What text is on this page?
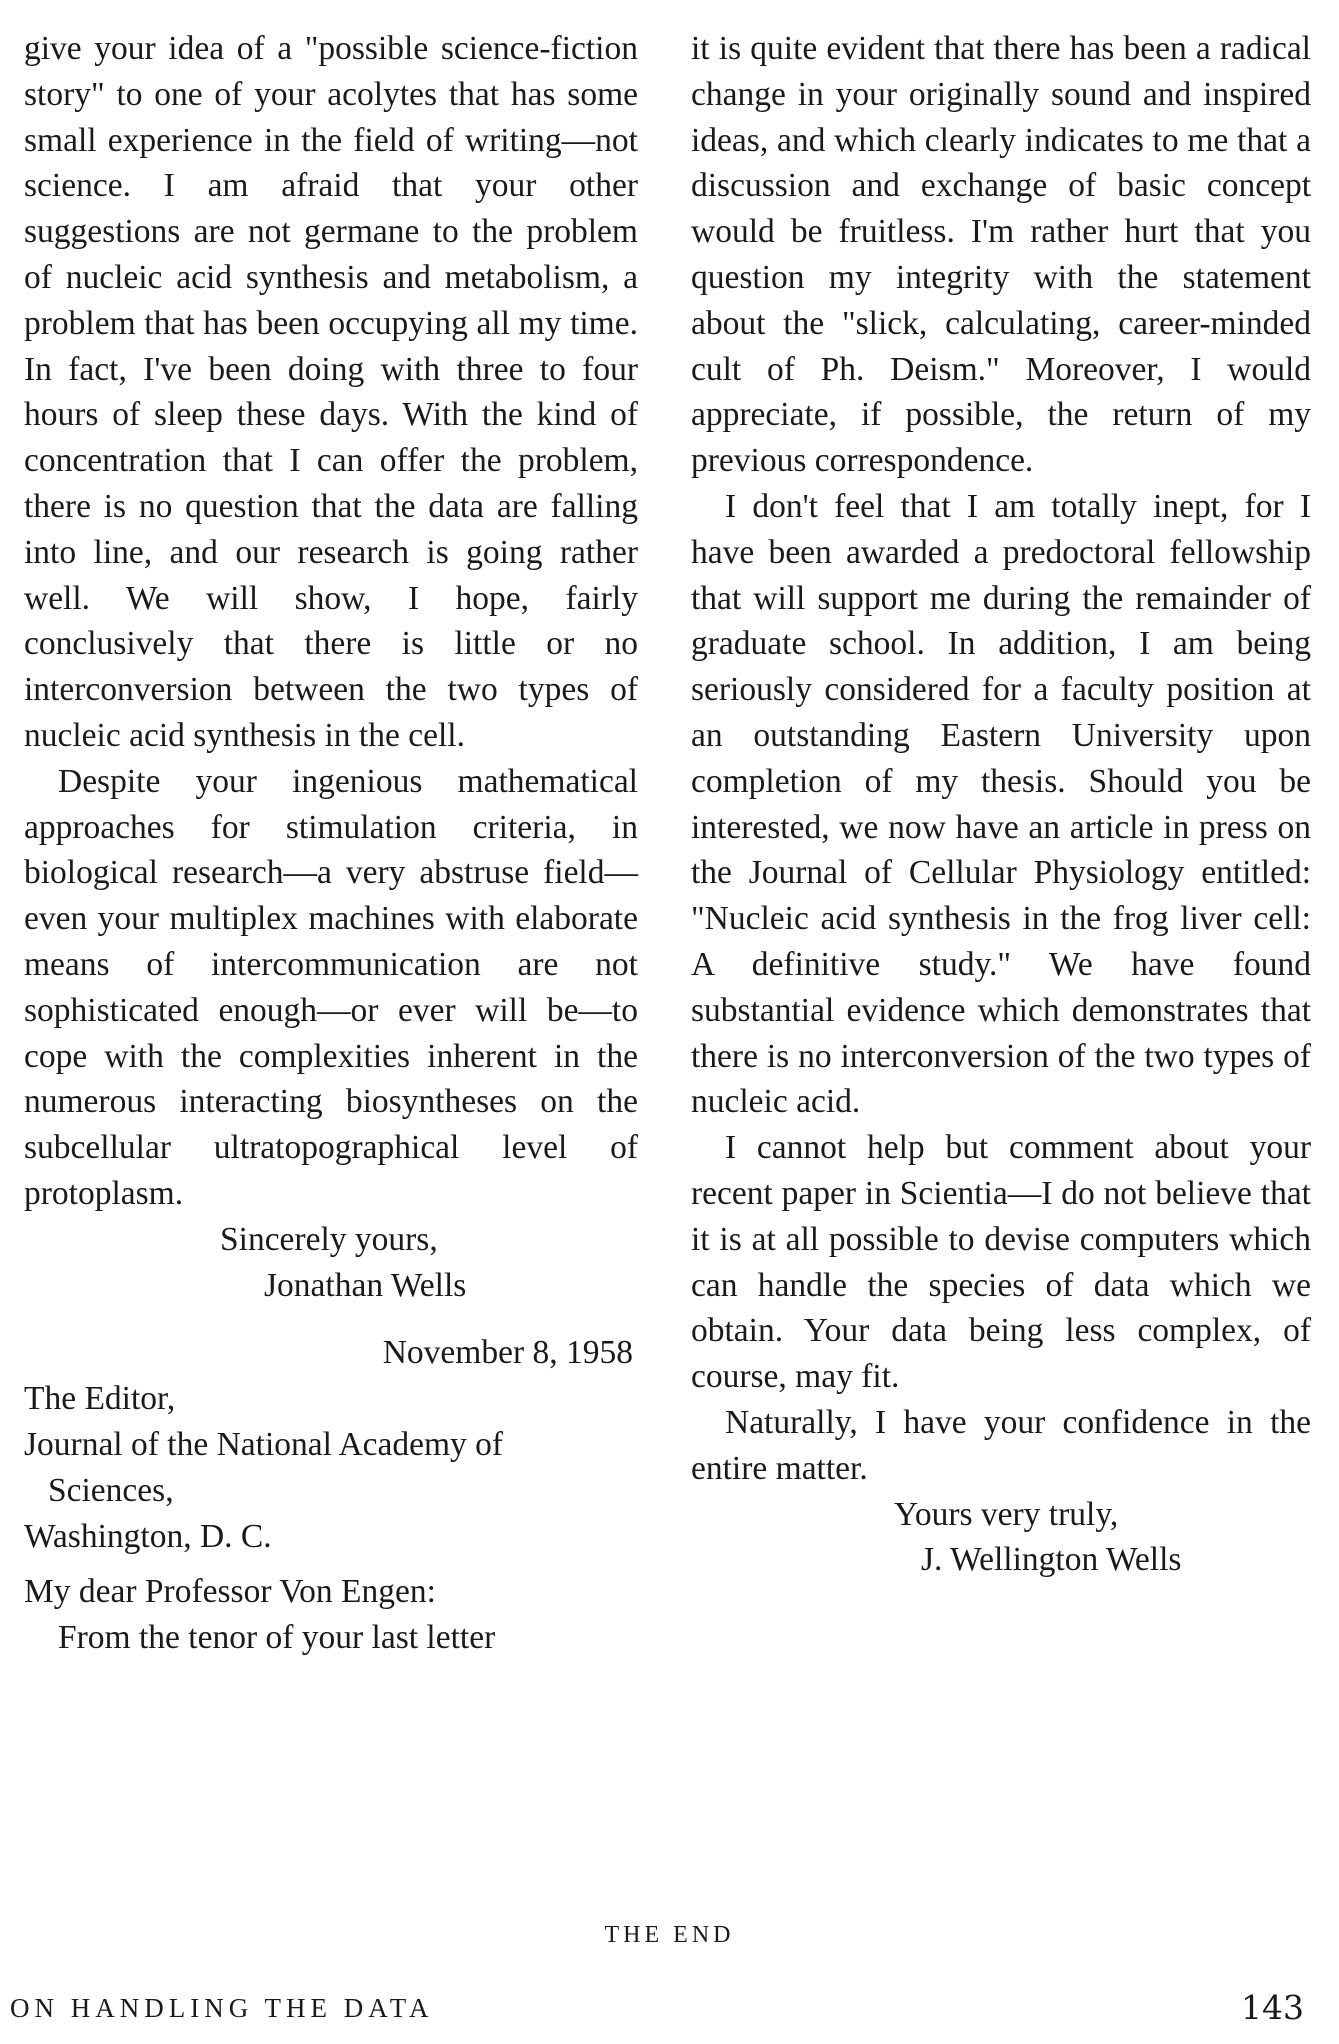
give your idea of a "possible science-fiction story" to one of your acolytes that has some small experience in the field of writing—not science. I am afraid that your other suggestions are not germane to the problem of nucleic acid synthesis and metabolism, a problem that has been occupying all my time. In fact, I've been doing with three to four hours of sleep these days. With the kind of concentration that I can offer the problem, there is no question that the data are falling into line, and our research is going rather well. We will show, I hope, fairly conclusively that there is little or no interconversion between the two types of nucleic acid synthesis in the cell.

Despite your ingenious mathematical approaches for stimulation criteria, in biological research—a very abstruse field—even your multiplex machines with elaborate means of intercommunication are not sophisticated enough—or ever will be—to cope with the complexities inherent in the numerous interacting biosyntheses on the subcellular ultratopographical level of protoplasm.

Sincerely yours,

Jonathan Wells

November 8, 1958

The Editor,

Journal of the National Academy of

Sciences,

Washington, D. C.

My dear Professor Von Engen:

From the tenor of your last letter

it is quite evident that there has been a radical change in your originally sound and inspired ideas, and which clearly indicates to me that a discussion and exchange of basic concept would be fruitless. I'm rather hurt that you question my integrity with the statement about the "slick, calculating, career-minded cult of Ph. Deism." Moreover, I would appreciate, if possible, the return of my previous correspondence.

I don't feel that I am totally inept, for I have been awarded a predoctoral fellowship that will support me during the remainder of graduate school. In addition, I am being seriously considered for a faculty position at an outstanding Eastern University upon completion of my thesis. Should you be interested, we now have an article in press on the Journal of Cellular Physiology entitled: "Nucleic acid synthesis in the frog liver cell: A definitive study." We have found substantial evidence which demonstrates that there is no interconversion of the two types of nucleic acid.

I cannot help but comment about your recent paper in Scientia—I do not believe that it is at all possible to devise computers which can handle the species of data which we obtain. Your data being less complex, of course, may fit.

Naturally, I have your confidence in the entire matter.

Yours very truly,

J. Wellington Wells

THE END
ON HANDLING THE DATA	143
